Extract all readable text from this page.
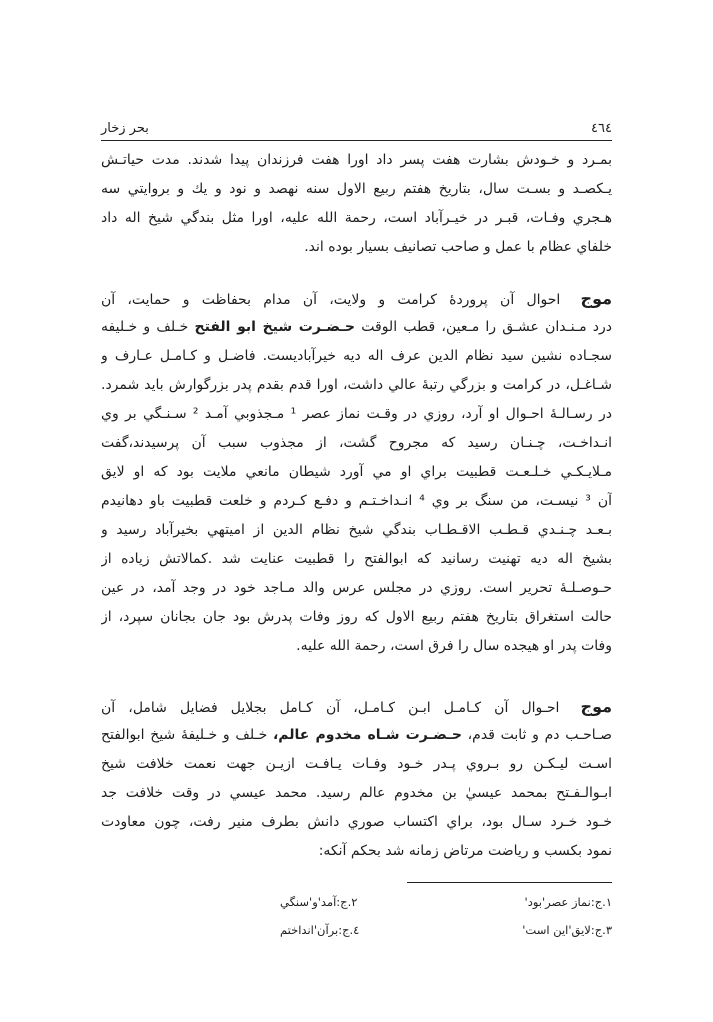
٤٦٤
بحر زخار
بمـرد و خـودش بشارت هفت پسر داد اورا هفت فرزندان پيدا شدند. مدت حياتـش
يـكصـد و بسـت سال، بتاريخ هفتم ربيع الاول سنه نهصد و نود و يك و بروايتي سه
هـجري وفـات، قبـر در خيـرآباد است، رحمة الله عليه، اورا مثل بندگي شيخ اله داد
خلفاي عظام با عمل و صاحب تصانيف بسيار بوده اند.
موج احوال آن پروردهٔ كرامت و ولايت، آن مدام بحفاظت و حمايت، آن
درد مـنـدان عشـق را مـعين، قطب الوقت حـضـرت شيخ ابو الفتح خـلف و خـليفه
سجـاده نشين سيد نظام الدين عرف اله ديه خيرآباديست. فاضـل و كـامـل عـارف و
شـاغـل، در كرامت و بزرگي رتبهٔ عالي داشت، اورا قدم بقدم پدر بزرگوارش بايد شمرد.
در رسـالـهٔ احـوال او آرد، روزي در وقـت نماز عصر ¹ مـجذوبي آمـد ² سـنـگي بر وي
انـداخـت، چـنـان رسيد كه مجروح گشت، از مجذوب سبب آن پرسيدند،گفت
مـلايـكـي خـلـعـت قطبيت براي او مي آورد شيطان مانعي ملايت بود كه او لايق
آن ³ نيسـت، من سنگ بر وي ⁴ انـداخـتـم و دفـع كـردم و خلعت قطبيت باو دهانيدم
بـعـد چـنـدي قـطـب الاقـطـاب بندگي شيخ نظام الدين از اميتهي بخيرآباد رسيد و
بشيخ اله ديه تهنيت رسانيد كه ابوالفتح را قطبيت عنايت شد .كمالاتش زياده از
حـوصـلـهٔ تحرير است. روزي در مجلس عرس والد مـاجد خود در وجد آمد، در عين
حالت استغراق بتاريخ هفتم ربيع الاول كه روز وفات پدرش بود جان بجانان سپرد، از
وفات پدر او هيجده سال را فرق است، رحمة الله عليه.
موج احـوال آن كـامـل ابـن كـامـل، آن كـامل بجلايل فضايل شامل، آن
صـاحـب دم و ثابت قدم، حـضـرت شـاه مخدوم عالم، خـلف و خـليفهٔ شيخ ابوالفتح
اسـت ليـكـن رو بـروي پـدر خـود وفـات يـافـت ازيـن جهت نعمت خلافت شيخ
ابـوالـفـتح بمحمد عيسيٰ بن مخدوم عالم رسيد. محمد عيسي در وقت خلافت جد
خـود خـرد سـال بود، براي اكتساب صوري دانش بطرف منير رفت، چون معاودت
نمود بكسب و رياضت مرتاض زمانه شد بحكم آنكه:
١.ج:نماز عصر'بود'
٢.ج:آمد'و'سنگي
٣.ج:لايق'اين است'
٤.ج:برآن'انداختم
